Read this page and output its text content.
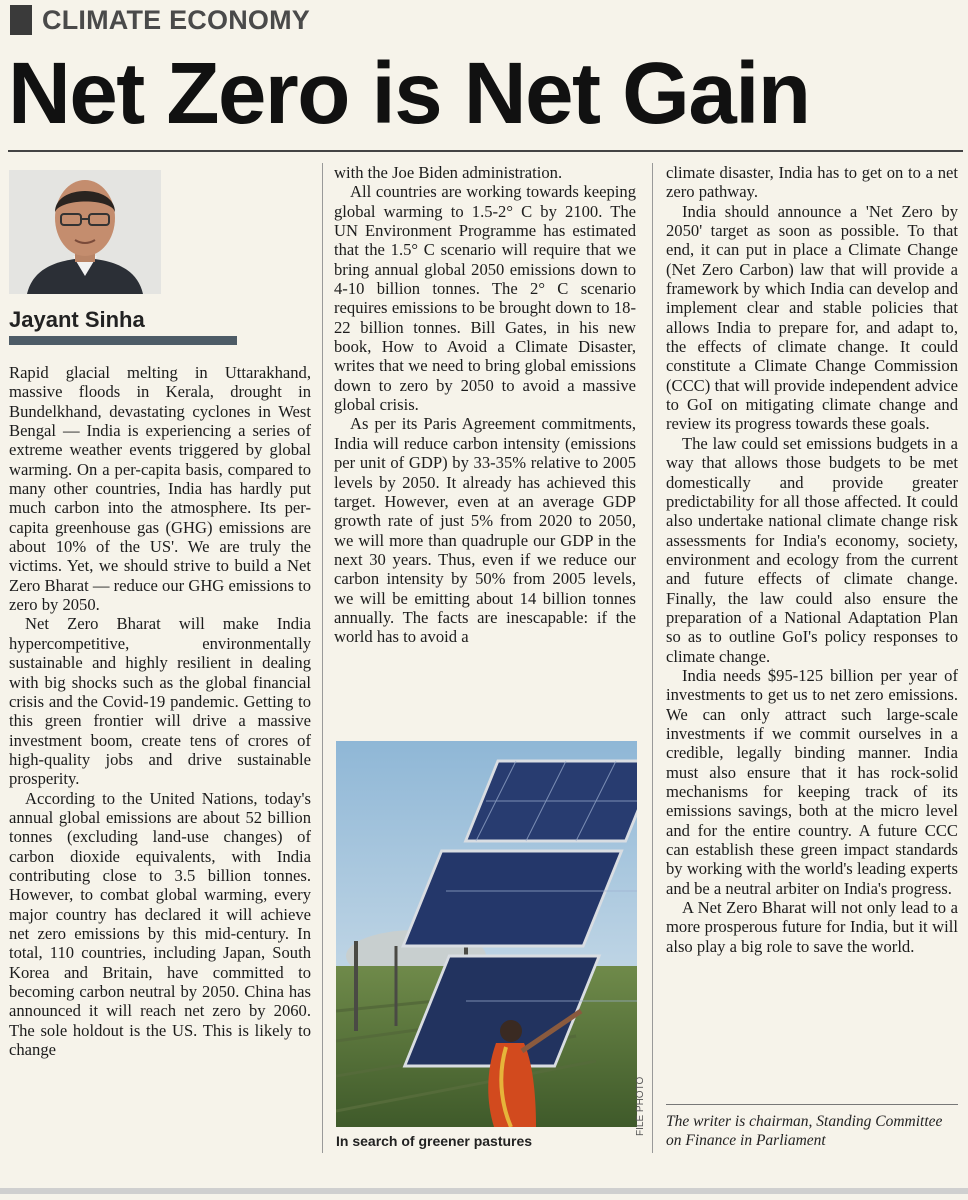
CLIMATE ECONOMY
Net Zero is Net Gain
Jayant Sinha

Rapid glacial melting in Uttarakhand, massive floods in Kerala, drought in Bundelkhand, devastating cyclones in West Bengal — India is experiencing a series of extreme weather events triggered by global warming. On a per-capita basis, compared to many other countries, India has hardly put much carbon into the atmosphere. Its per-capita greenhouse gas (GHG) emissions are about 10% of the US'. We are truly the victims. Yet, we should strive to build a Net Zero Bharat — reduce our GHG emissions to zero by 2050.

Net Zero Bharat will make India hypercompetitive, environmentally sustainable and highly resilient in dealing with big shocks such as the global financial crisis and the Covid-19 pandemic. Getting to this green frontier will drive a massive investment boom, create tens of crores of high-quality jobs and drive sustainable prosperity.

According to the United Nations, today's annual global emissions are about 52 billion tonnes (excluding land-use changes) of carbon dioxide equivalents, with India contributing close to 3.5 billion tonnes. However, to combat global warming, every major country has declared it will achieve net zero emissions by this mid-century. In total, 110 countries, including Japan, South Korea and Britain, have committed to becoming carbon neutral by 2050. China has announced it will reach net zero by 2060. The sole holdout is the US. This is likely to change

with the Joe Biden administration.

All countries are working towards keeping global warming to 1.5-2° C by 2100. The UN Environment Programme has estimated that the 1.5° C scenario will require that we bring annual global 2050 emissions down to 4-10 billion tonnes. The 2° C scenario requires emissions to be brought down to 18-22 billion tonnes. Bill Gates, in his new book, How to Avoid a Climate Disaster, writes that we need to bring global emissions down to zero by 2050 to avoid a massive global crisis.

As per its Paris Agreement commitments, India will reduce carbon intensity (emissions per unit of GDP) by 33-35% relative to 2005 levels by 2050. It already has achieved this target. However, even at an average GDP growth rate of just 5% from 2020 to 2050, we will more than quadruple our GDP in the next 30 years. Thus, even if we reduce our carbon intensity by 50% from 2005 levels, we will be emitting about 14 billion tonnes annually. The facts are inescapable: if the world has to avoid a

In search of greener pastures
FILE PHOTO

climate disaster, India has to get on to a net zero pathway.

India should announce a 'Net Zero by 2050' target as soon as possible. To that end, it can put in place a Climate Change (Net Zero Carbon) law that will provide a framework by which India can develop and implement clear and stable policies that allows India to prepare for, and adapt to, the effects of climate change. It could constitute a Climate Change Commission (CCC) that will provide independent advice to GoI on mitigating climate change and review its progress towards these goals.

The law could set emissions budgets in a way that allows those budgets to be met domestically and provide greater predictability for all those affected. It could also undertake national climate change risk assessments for India's economy, society, environment and ecology from the current and future effects of climate change. Finally, the law could also ensure the preparation of a National Adaptation Plan so as to outline GoI's policy responses to climate change.

India needs $95-125 billion per year of investments to get us to net zero emissions. We can only attract such large-scale investments if we commit ourselves in a credible, legally binding manner. India must also ensure that it has rock-solid mechanisms for keeping track of its emissions savings, both at the micro level and for the entire country. A future CCC can establish these green impact standards by working with the world's leading experts and be a neutral arbiter on India's progress.

A Net Zero Bharat will not only lead to a more prosperous future for India, but it will also play a big role to save the world.

The writer is chairman, Standing Committee on Finance in Parliament
